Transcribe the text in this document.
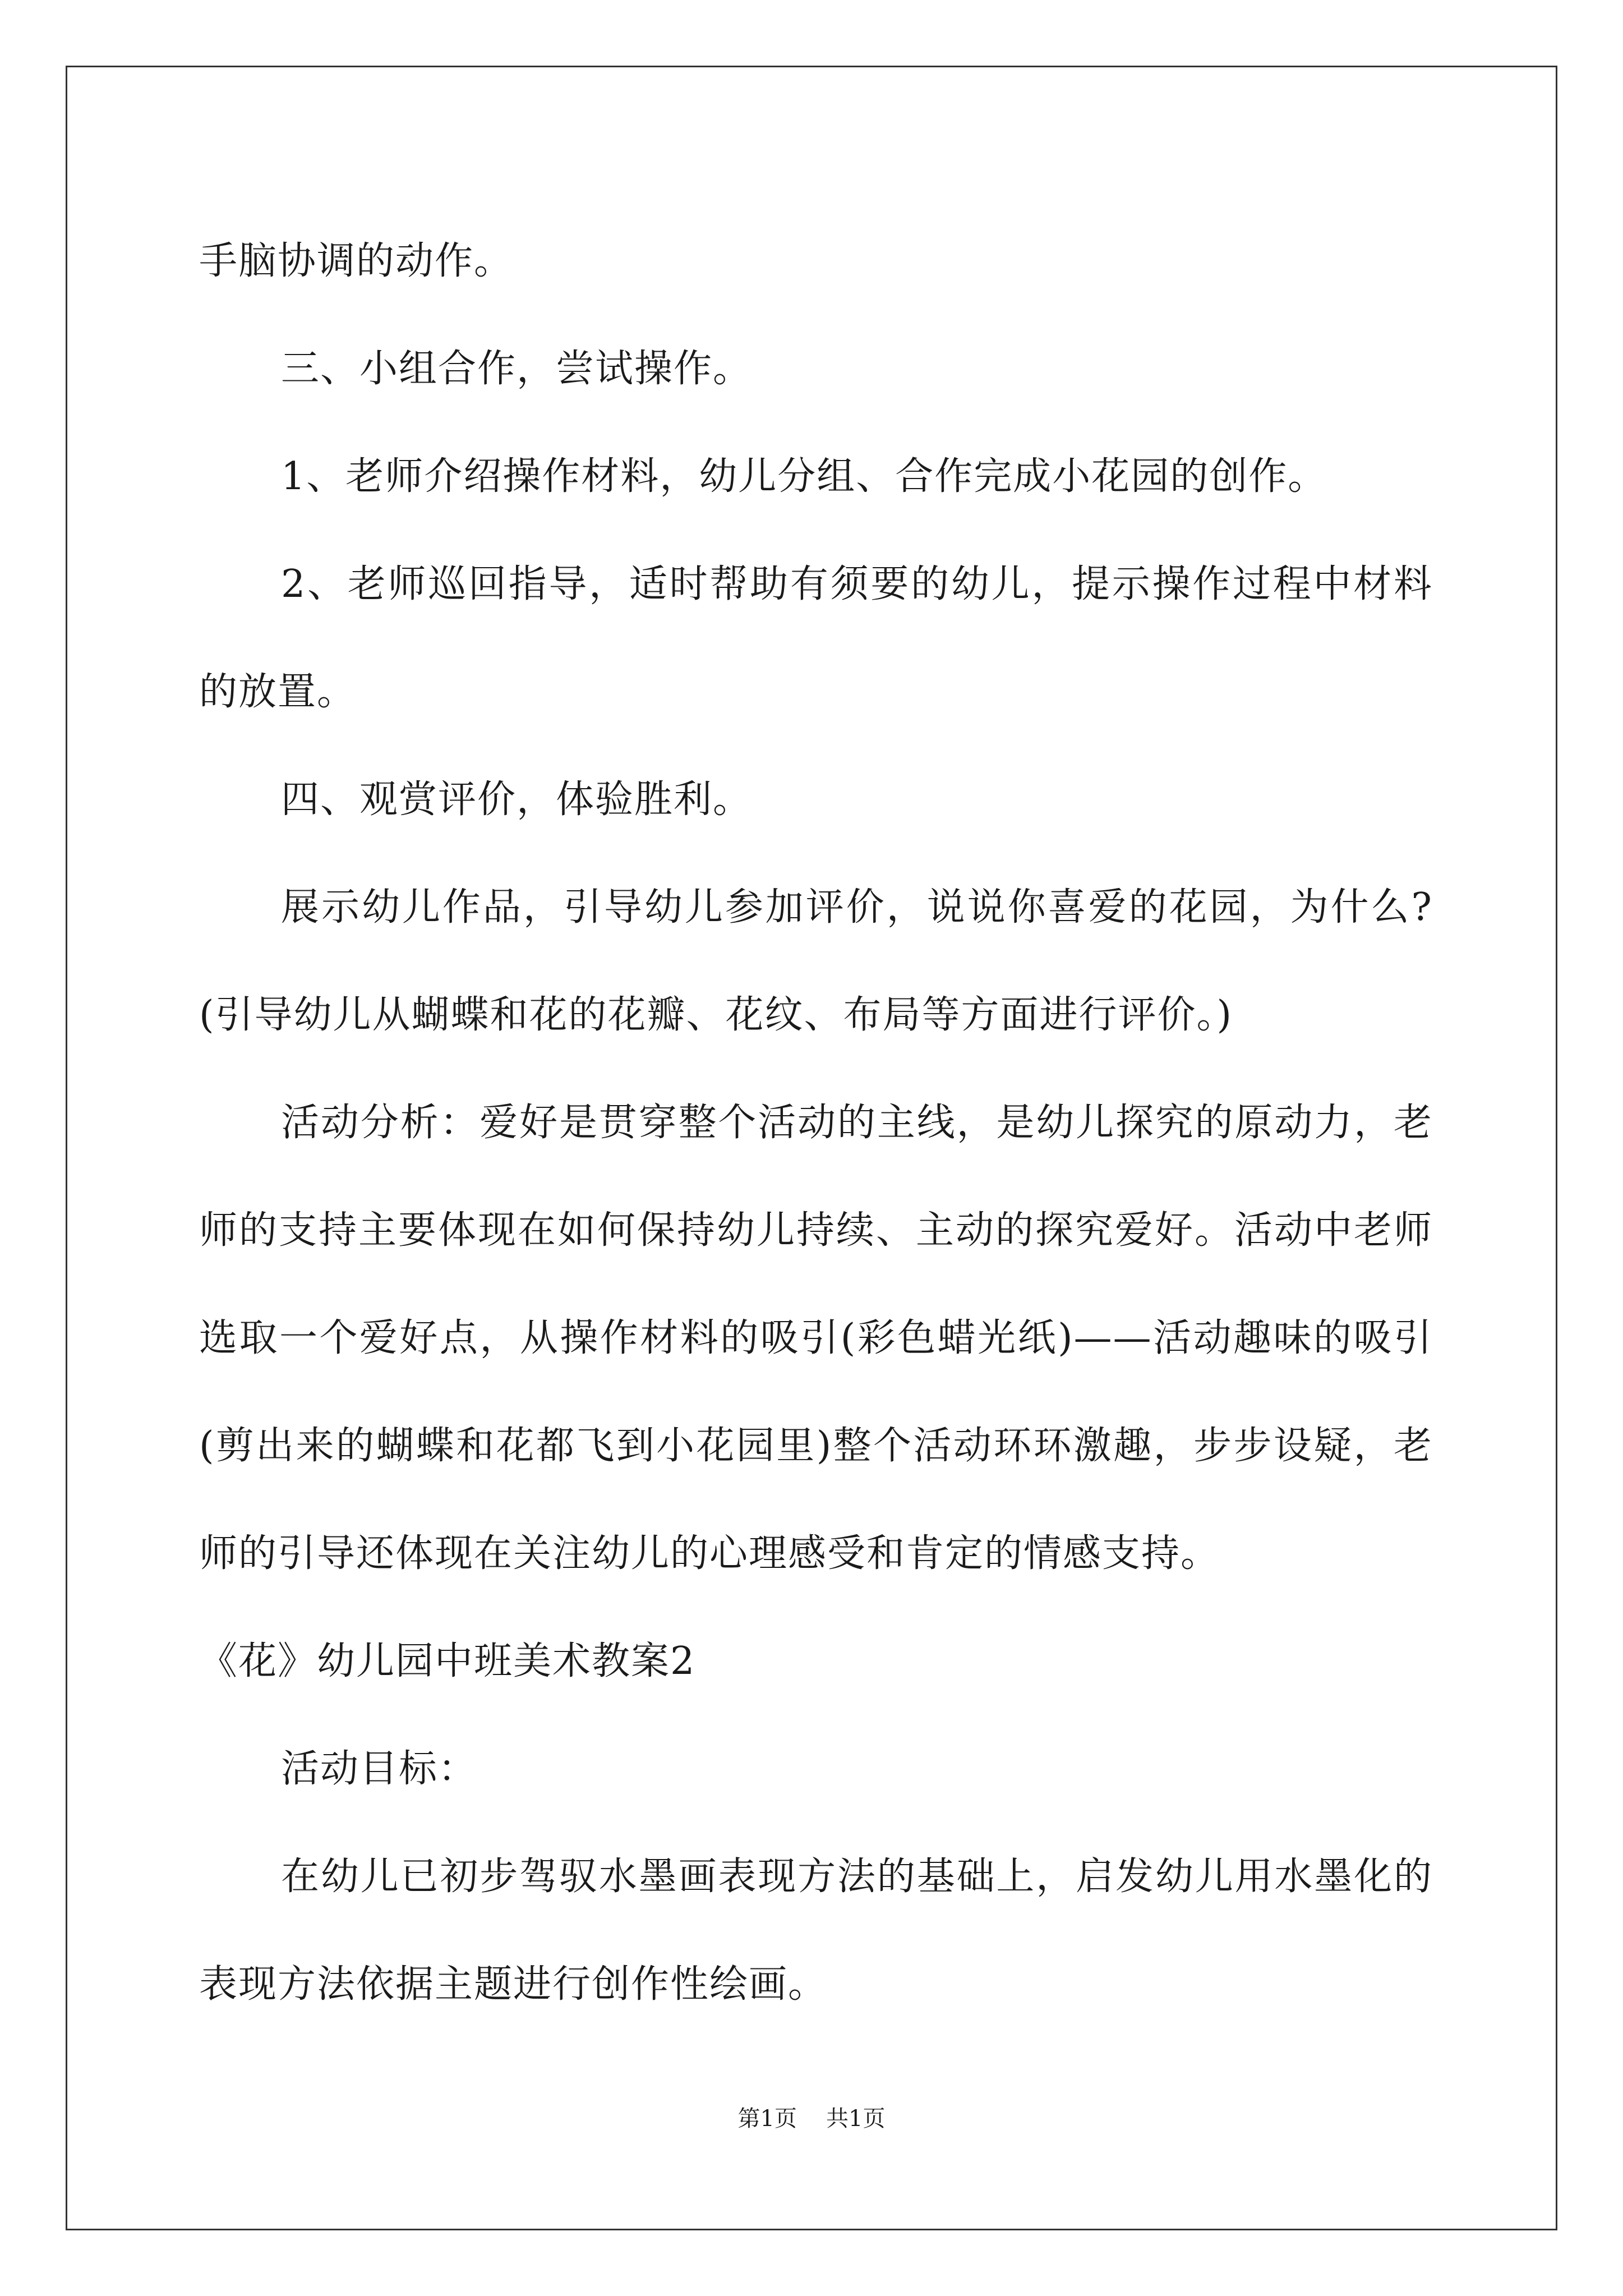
手脑协调的动作。

三、小组合作，尝试操作。

1、老师介绍操作材料，幼儿分组、合作完成小花园的创作。

2、老师巡回指导，适时帮助有须要的幼儿，提示操作过程中材料的放置。

四、观赏评价，体验胜利。

展示幼儿作品，引导幼儿参加评价，说说你喜爱的花园，为什么?(引导幼儿从蝴蝶和花的花瓣、花纹、布局等方面进行评价。)

活动分析：爱好是贯穿整个活动的主线，是幼儿探究的原动力，老师的支持主要体现在如何保持幼儿持续、主动的探究爱好。活动中老师选取一个爱好点，从操作材料的吸引(彩色蜡光纸)——活动趣味的吸引(剪出来的蝴蝶和花都飞到小花园里)整个活动环环激趣，步步设疑，老师的引导还体现在关注幼儿的心理感受和肯定的情感支持。

《花》幼儿园中班美术教案2

活动目标：

在幼儿已初步驾驭水墨画表现方法的基础上，启发幼儿用水墨化的表现方法依据主题进行创作性绘画。

第1页 共1页
